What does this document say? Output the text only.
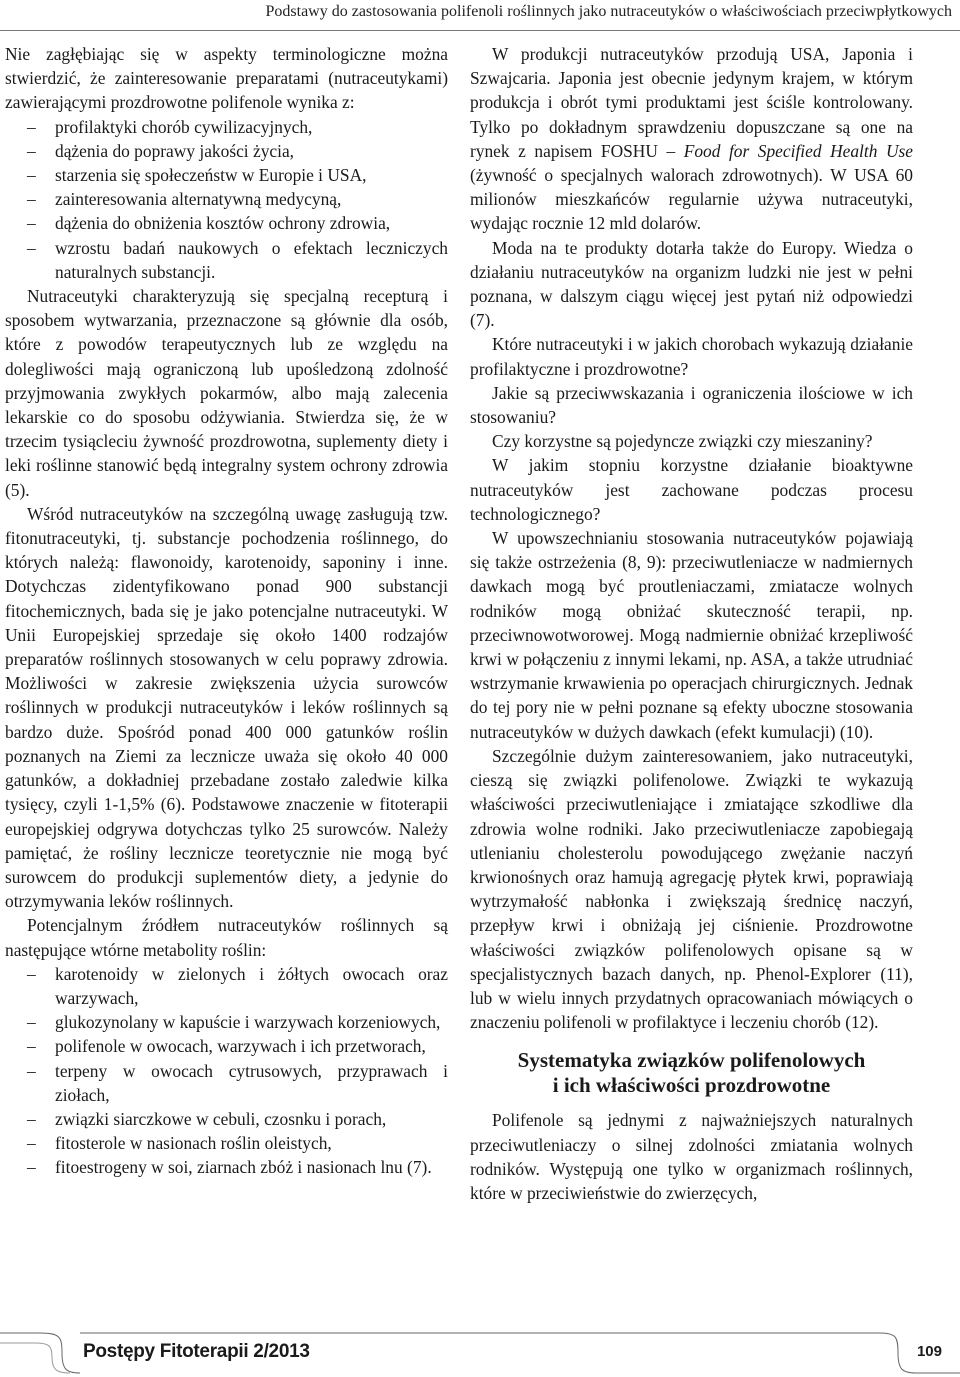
Podstawy do zastosowania polifenoli roślinnych jako nutraceutyków o właściwościach przeciwpłytkowych

Nie zagłębiając się w aspekty terminologiczne można stwierdzić, że zainteresowanie preparatami (nutraceutykami) zawierającymi prozdrowotne polifenole wynika z:

– profilaktyki chorób cywilizacyjnych,
– dążenia do poprawy jakości życia,
– starzenia się społeczeństw w Europie i USA,
– zainteresowania alternatywną medycyną,
– dążenia do obniżenia kosztów ochrony zdrowia,
– wzrostu badań naukowych o efektach leczniczych naturalnych substancji.

Nutraceutyki charakteryzują się specjalną recepturą i sposobem wytwarzania, przeznaczone są głównie dla osób, które z powodów terapeutycznych lub ze względu na dolegliwości mają ograniczoną lub upośledzoną zdolność przyjmowania zwykłych pokarmów, albo mają zalecenia lekarskie co do sposobu odżywiania. Stwierdza się, że w trzecim tysiącleciu żywność prozdrowotna, suplementy diety i leki roślinne stanowić będą integralny system ochrony zdrowia (5).

Wśród nutraceutyków na szczególną uwagę zasługują tzw. fitonutraceutyki, tj. substancje pochodzenia roślinnego, do których należą: flawonoidy, karotenoidy, saponiny i inne. Dotychczas zidentyfikowano ponad 900 substancji fitochemicznych, bada się je jako potencjalne nutraceutyki. W Unii Europejskiej sprzedaje się około 1400 rodzajów preparatów roślinnych stosowanych w celu poprawy zdrowia. Możliwości w zakresie zwiększenia użycia surowców roślinnych w produkcji nutraceutyków i leków roślinnych są bardzo duże. Spośród ponad 400 000 gatunków roślin poznanych na Ziemi za lecznicze uważa się około 40 000 gatunków, a dokładniej przebadane zostało zaledwie kilka tysięcy, czyli 1-1,5% (6). Podstawowe znaczenie w fitoterapii europejskiej odgrywa dotychczas tylko 25 surowców. Należy pamiętać, że rośliny lecznicze teoretycznie nie mogą być surowcem do produkcji suplementów diety, a jedynie do otrzymywania leków roślinnych.

Potencjalnym źródłem nutraceutyków roślinnych są następujące wtórne metabolity roślin:

– karotenoidy w zielonych i żółtych owocach oraz warzywach,
– glukozynolany w kapuście i warzywach korzeniowych,
– polifenole w owocach, warzywach i ich przetworach,
– terpeny w owocach cytrusowych, przyprawach i ziołach,
– związki siarczkowe w cebuli, czosnku i porach,
– fitosterole w nasionach roślin oleistych,
– fitoestrogeny w soi, ziarnach zbóż i nasionach lnu (7).

W produkcji nutraceutyków przodują USA, Japonia i Szwajcaria. Japonia jest obecnie jedynym krajem, w którym produkcja i obrót tymi produktami jest ściśle kontrolowany. Tylko po dokładnym sprawdzeniu dopuszczane są one na rynek z napisem FOSHU – Food for Specified Health Use (żywność o specjalnych walorach zdrowotnych). W USA 60 milionów mieszkańców regularnie używa nutraceutyki, wydając rocznie 12 mld dolarów.

Moda na te produkty dotarła także do Europy. Wiedza o działaniu nutraceutyków na organizm ludzki nie jest w pełni poznana, w dalszym ciągu więcej jest pytań niż odpowiedzi (7).

Które nutraceutyki i w jakich chorobach wykazują działanie profilaktyczne i prozdrowotne?

Jakie są przeciwwskazania i ograniczenia ilościowe w ich stosowaniu?

Czy korzystne są pojedyncze związki czy mieszaniny?

W jakim stopniu korzystne działanie bioaktywne nutraceutyków jest zachowane podczas procesu technologicznego?

W upowszechnianiu stosowania nutraceutyków pojawiają się także ostrzeżenia (8, 9): przeciwutleniacze w nadmiernych dawkach mogą być proutleniaczami, zmiatacze wolnych rodników mogą obniżać skuteczność terapii, np. przeciwnowotworowej. Mogą nadmiernie obniżać krzepliwość krwi w połączeniu z innymi lekami, np. ASA, a także utrudniać wstrzymanie krwawienia po operacjach chirurgicznych. Jednak do tej pory nie w pełni poznane są efekty uboczne stosowania nutraceutyków w dużych dawkach (efekt kumulacji) (10).

Szczególnie dużym zainteresowaniem, jako nutraceutyki, cieszą się związki polifenolowe. Związki te wykazują właściwości przeciwutleniające i zmiatające szkodliwe dla zdrowia wolne rodniki. Jako przeciwutleniacze zapobiegają utlenianiu cholesterolu powodującego zwężanie naczyń krwionośnych oraz hamują agregację płytek krwi, poprawiają wytrzymałość nabłonka i zwiększają średnicę naczyń, przepływ krwi i obniżają jej ciśnienie. Prozdrowotne właściwości związków polifenolowych opisane są w specjalistycznych bazach danych, np. Phenol-Explorer (11), lub w wielu innych przydatnych opracowaniach mówiących o znaczeniu polifenoli w profilaktyce i leczeniu chorób (12).

Systematyka związków polifenolowych
i ich właściwości prozdrowotne

Polifenole są jednymi z najważniejszych naturalnych przeciwutleniaczy o silnej zdolności zmiatania wolnych rodników. Występują one tylko w organizmach roślinnych, które w przeciwieństwie do zwierzęcych,

Postępy Fitoterapii 2/2013	109
